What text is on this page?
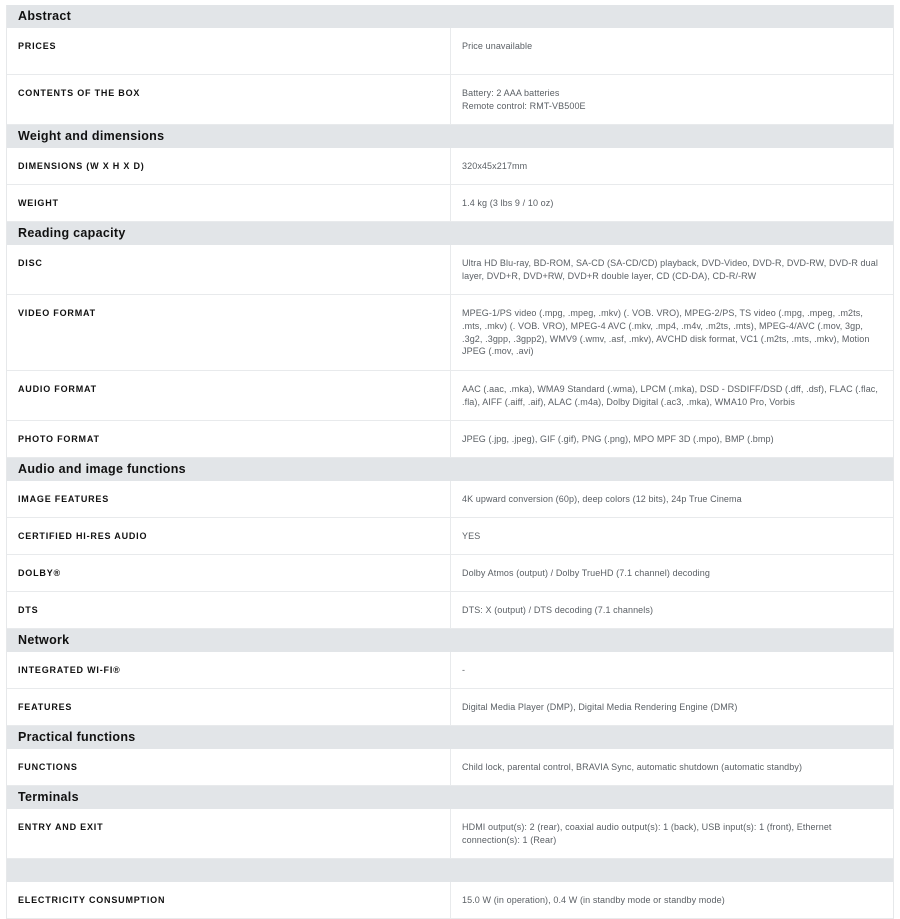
Abstract
PRICES	Price unavailable
CONTENTS OF THE BOX	Battery: 2 AAA batteries
Remote control: RMT-VB500E
Weight and dimensions
DIMENSIONS (W X H X D)	320x45x217mm
WEIGHT	1.4 kg (3 lbs 9 / 10 oz)
Reading capacity
DISC	Ultra HD Blu-ray, BD-ROM, SA-CD (SA-CD/CD) playback, DVD-Video, DVD-R, DVD-RW, DVD-R dual layer, DVD+R, DVD+RW, DVD+R double layer, CD (CD-DA), CD-R/-RW
VIDEO FORMAT	MPEG-1/PS video (.mpg, .mpeg, .mkv) (. VOB. VRO), MPEG-2/PS, TS video (.mpg, .mpeg, .m2ts, .mts, .mkv) (. VOB. VRO), MPEG-4 AVC (.mkv, .mp4, .m4v, .m2ts, .mts), MPEG-4/AVC (.mov, 3gp, .3g2, .3gpp, .3gpp2), WMV9 (.wmv, .asf, .mkv), AVCHD disk format, VC1 (.m2ts, .mts, .mkv), Motion JPEG (.mov, .avi)
AUDIO FORMAT	AAC (.aac, .mka), WMA9 Standard (.wma), LPCM (.mka), DSD - DSDIFF/DSD (.dff, .dsf), FLAC (.flac, .fla), AIFF (.aiff, .aif), ALAC (.m4a), Dolby Digital (.ac3, .mka), WMA10 Pro, Vorbis
PHOTO FORMAT	JPEG (.jpg, .jpeg), GIF (.gif), PNG (.png), MPO MPF 3D (.mpo), BMP (.bmp)
Audio and image functions
IMAGE FEATURES	4K upward conversion (60p), deep colors (12 bits), 24p True Cinema
CERTIFIED HI-RES AUDIO	YES
DOLBY®	Dolby Atmos (output) / Dolby TrueHD (7.1 channel) decoding
DTS	DTS: X (output) / DTS decoding (7.1 channels)
Network
INTEGRATED WI-FI®	-
FEATURES	Digital Media Player (DMP), Digital Media Rendering Engine (DMR)
Practical functions
FUNCTIONS	Child lock, parental control, BRAVIA Sync, automatic shutdown (automatic standby)
Terminals
ENTRY AND EXIT	HDMI output(s): 2 (rear), coaxial audio output(s): 1 (back), USB input(s): 1 (front), Ethernet connection(s): 1 (Rear)
ELECTRICITY CONSUMPTION	15.0 W (in operation), 0.4 W (in standby mode or standby mode)
